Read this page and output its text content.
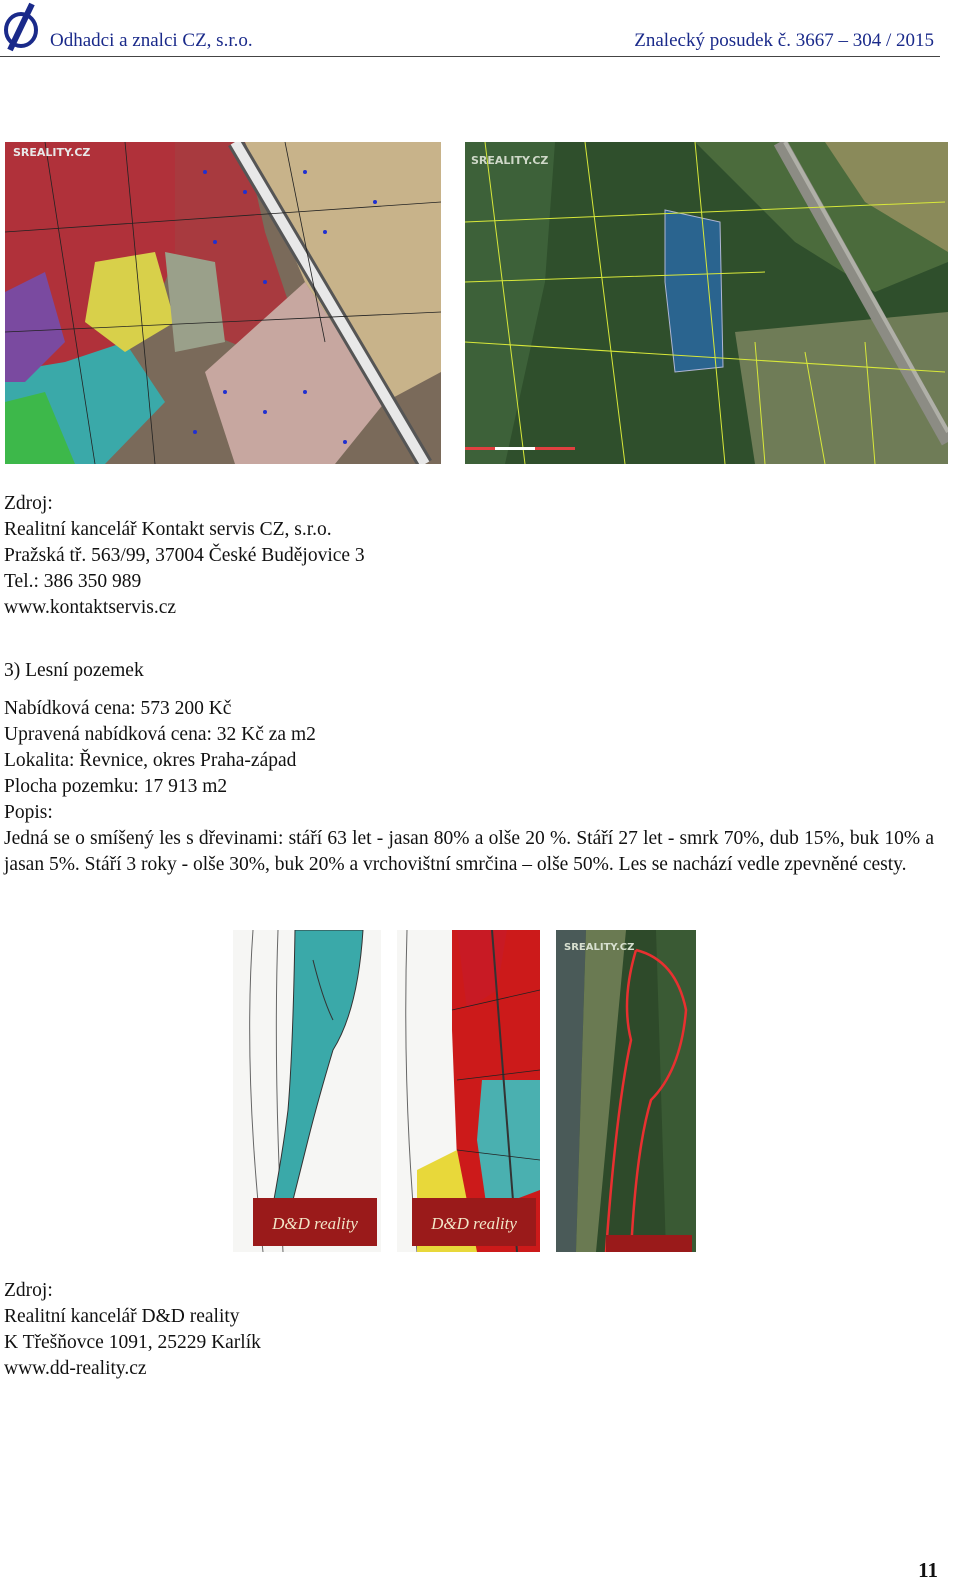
Odhadci a znalci CZ, s.r.o.	Znalecký posudek č. 3667 – 304 / 2015
SREALITY.CZ
SREALITY.CZ
Zdroj:
Realitní kancelář Kontakt servis CZ, s.r.o.
Pražská tř. 563/99, 37004 České Budějovice 3
Tel.: 386 350 989
www.kontaktservis.cz
3) Lesní pozemek
Nabídková cena: 573 200 Kč
Upravená nabídková cena: 32 Kč za m2
Lokalita: Řevnice, okres Praha-západ
Plocha pozemku: 17 913 m2
Popis:
Jedná se o smíšený les s dřevinami: stáří 63 let - jasan 80% a olše 20 %. Stáří 27 let - smrk 70%, dub 15%, buk 10% a jasan 5%. Stáří 3 roky - olše 30%, buk 20% a vrchovištní smrčina – olše 50%. Les se nachází vedle zpevněné cesty.
D&D reality	D&D reality
SREALITY.CZ
Zdroj:
Realitní kancelář D&D reality
K Třešňovce 1091, 25229 Karlík
www.dd-reality.cz
11
